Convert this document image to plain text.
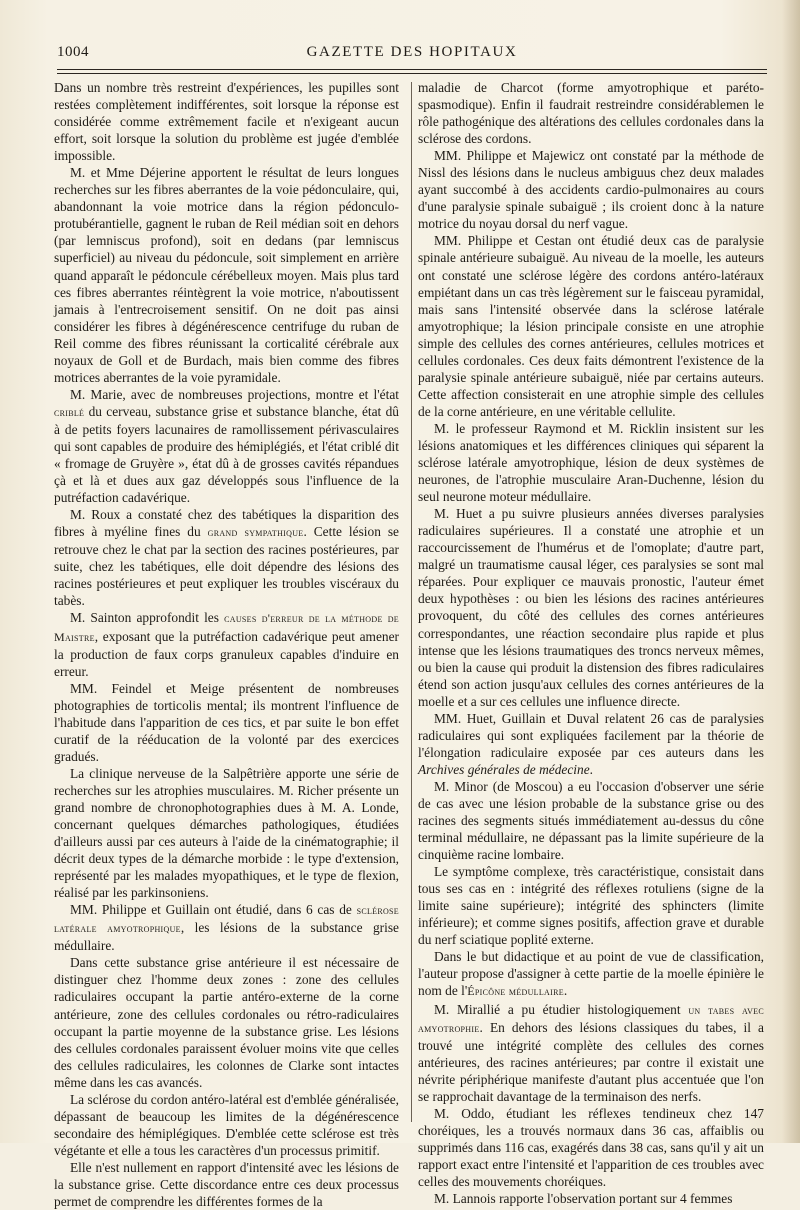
GAZETTE DES HOPITAUX
1004

Dans un nombre très restreint d'expériences, les pupilles sont restées complètement indifférentes, soit lorsque la réponse est considérée comme extrêmement facile et n'exigeant aucun effort, soit lorsque la solution du problème est jugée d'emblée impossible.

M. et Mme Déjerine apportent le résultat de leurs longues recherches sur les fibres aberrantes de la voie pédonculaire, qui, abandonnant la voie motrice dans la région pédonculo-protubérantielle, gagnent le ruban de Reil médian soit en dehors (par lemniscus profond), soit en dedans (par lemniscus superficiel) au niveau du pédoncule, soit simplement en arrière quand apparaît le pédoncule cérébelleux moyen. Mais plus tard ces fibres aberrantes réintègrent la voie motrice, n'aboutissent jamais à l'entrecroisement sensitif. On ne doit pas ainsi considérer les fibres à dégénérescence centrifuge du ruban de Reil comme des fibres réunissant la corticalité cérébrale aux noyaux de Goll et de Burdach, mais bien comme des fibres motrices aberrantes de la voie pyramidale.

M. Marie, avec de nombreuses projections, montre et l'état criblé du cerveau, substance grise et substance blanche, état dû à de petits foyers lacunaires de ramollissement périvasculaires qui sont capables de produire des hémiplégiés, et l'état criblé dit « fromage de Gruyère », état dû à de grosses cavités répandues çà et là et dues aux gaz développés sous l'influence de la putréfaction cadavérique.

M. Roux a constaté chez des tabétiques la disparition des fibres à myéline fines du grand sympathique. Cette lésion se retrouve chez le chat par la section des racines postérieures, par suite, chez les tabétiques, elle doit dépendre des lésions des racines postérieures et peut expliquer les troubles viscéraux du tabès.

M. Sainton approfondit les causes d'erreur de la méthode de Maistre, exposant que la putréfaction cadavérique peut amener la production de faux corps granuleux capables d'induire en erreur.

MM. Feindel et Meige présentent de nombreuses photographies de torticolis mental; ils montrent l'influence de l'habitude dans l'apparition de ces tics, et par suite le bon effet curatif de la rééducation de la volonté par des exercices gradués.

La clinique nerveuse de la Salpêtrière apporte une série de recherches sur les atrophies musculaires. M. Richer présente un grand nombre de chronophotographies dues à M. A. Londe, concernant quelques démarches pathologiques, étudiées d'ailleurs aussi par ces auteurs à l'aide de la cinématographie; il décrit deux types de la démarche morbide : le type d'extension, représenté par les malades myopathiques, et le type de flexion, réalisé par les parkinsoniens.

MM. Philippe et Guillain ont étudié, dans 6 cas de sclérose latérale amyotrophique, les lésions de la substance grise médullaire.

Dans cette substance grise antérieure il est nécessaire de distinguer chez l'homme deux zones : zone des cellules radiculaires occupant la partie antéro-externe de la corne antérieure, zone des cellules cordonales ou rétro-radiculaires occupant la partie moyenne de la substance grise. Les lésions des cellules cordonales paraissent évoluer moins vite que celles des cellules radiculaires, les colonnes de Clarke sont intactes même dans les cas avancés.

La sclérose du cordon antéro-latéral est d'emblée généralisée, dépassant de beaucoup les limites de la dégénérescence secondaire des hémiplégiques. D'emblée cette sclérose est très végétante et elle a tous les caractères d'un processus primitif.

Elle n'est nullement en rapport d'intensité avec les lésions de la substance grise. Cette discordance entre ces deux processus permet de comprendre les différentes formes de la

maladie de Charcot (forme amyotrophique et paréto-spasmodique). Enfin il faudrait restreindre considérablemen le rôle pathogénique des altérations des cellules cordonales dans la sclérose des cordons.

MM. Philippe et Majewicz ont constaté par la méthode de Nissl des lésions dans le nucleus ambiguus chez deux malades ayant succombé à des accidents cardio-pulmonaires au cours d'une paralysie spinale subaiguë ; ils croient donc à la nature motrice du noyau dorsal du nerf vague.

MM. Philippe et Cestan ont étudié deux cas de paralysie spinale antérieure subaiguë. Au niveau de la moelle, les auteurs ont constaté une sclérose légère des cordons antéro-latéraux empiétant dans un cas très légèrement sur le faisceau pyramidal, mais sans l'intensité observée dans la sclérose latérale amyotrophique; la lésion principale consiste en une atrophie simple des cellules des cornes antérieures, cellules motrices et cellules cordonales. Ces deux faits démontrent l'existence de la paralysie spinale antérieure subaiguë, niée par certains auteurs. Cette affection consisterait en une atrophie simple des cellules de la corne antérieure, en une véritable cellulite.

M. le professeur Raymond et M. Ricklin insistent sur les lésions anatomiques et les différences cliniques qui séparent la sclérose latérale amyotrophique, lésion de deux systèmes de neurones, de l'atrophie musculaire Aran-Duchenne, lésion du seul neurone moteur médullaire.

M. Huet a pu suivre plusieurs années diverses paralysies radiculaires supérieures. Il a constaté une atrophie et un raccourcissement de l'humérus et de l'omoplate; d'autre part, malgré un traumatisme causal léger, ces paralysies se sont mal réparées. Pour expliquer ce mauvais pronostic, l'auteur émet deux hypothèses : ou bien les lésions des racines antérieures provoquent, du côté des cellules des cornes antérieures correspondantes, une réaction secondaire plus rapide et plus intense que les lésions traumatiques des troncs nerveux mêmes, ou bien la cause qui produit la distension des fibres radiculaires étend son action jusqu'aux cellules des cornes antérieures de la moelle et a sur ces cellules une influence directe.

MM. Huet, Guillain et Duval relatent 26 cas de paralysies radiculaires qui sont expliquées facilement par la théorie de l'élongation radiculaire exposée par ces auteurs dans les Archives générales de médecine.

M. Minor (de Moscou) a eu l'occasion d'observer une série de cas avec une lésion probable de la substance grise ou des racines des segments situés immédiatement au-dessus du cône terminal médullaire, ne dépassant pas la limite supérieure de la cinquième racine lombaire.

Le symptôme complexe, très caractéristique, consistait dans tous ses cas en : intégrité des réflexes rotuliens (signe de la limite saine supérieure); intégrité des sphincters (limite inférieure); et comme signes positifs, affection grave et durable du nerf sciatique poplité externe.

Dans le but didactique et au point de vue de classification, l'auteur propose d'assigner à cette partie de la moelle épinière le nom de l'Épicône médullaire.

M. Mirallié a pu étudier histologiquement un tabes avec amyotrophie. En dehors des lésions classiques du tabes, il a trouvé une intégrité complète des cellules des cornes antérieures, des racines antérieures; par contre il existait une névrite périphérique manifeste d'autant plus accentuée que l'on se rapprochait davantage de la terminaison des nerfs.

M. Oddo, étudiant les réflexes tendineux chez 147 choréiques, les a trouvés normaux dans 36 cas, affaiblis ou supprimés dans 116 cas, exagérés dans 38 cas, sans qu'il y ait un rapport exact entre l'intensité et l'apparition de ces troubles avec celles des mouvements choréiques.

M. Lannois rapporte l'observation portant sur 4 femmes
